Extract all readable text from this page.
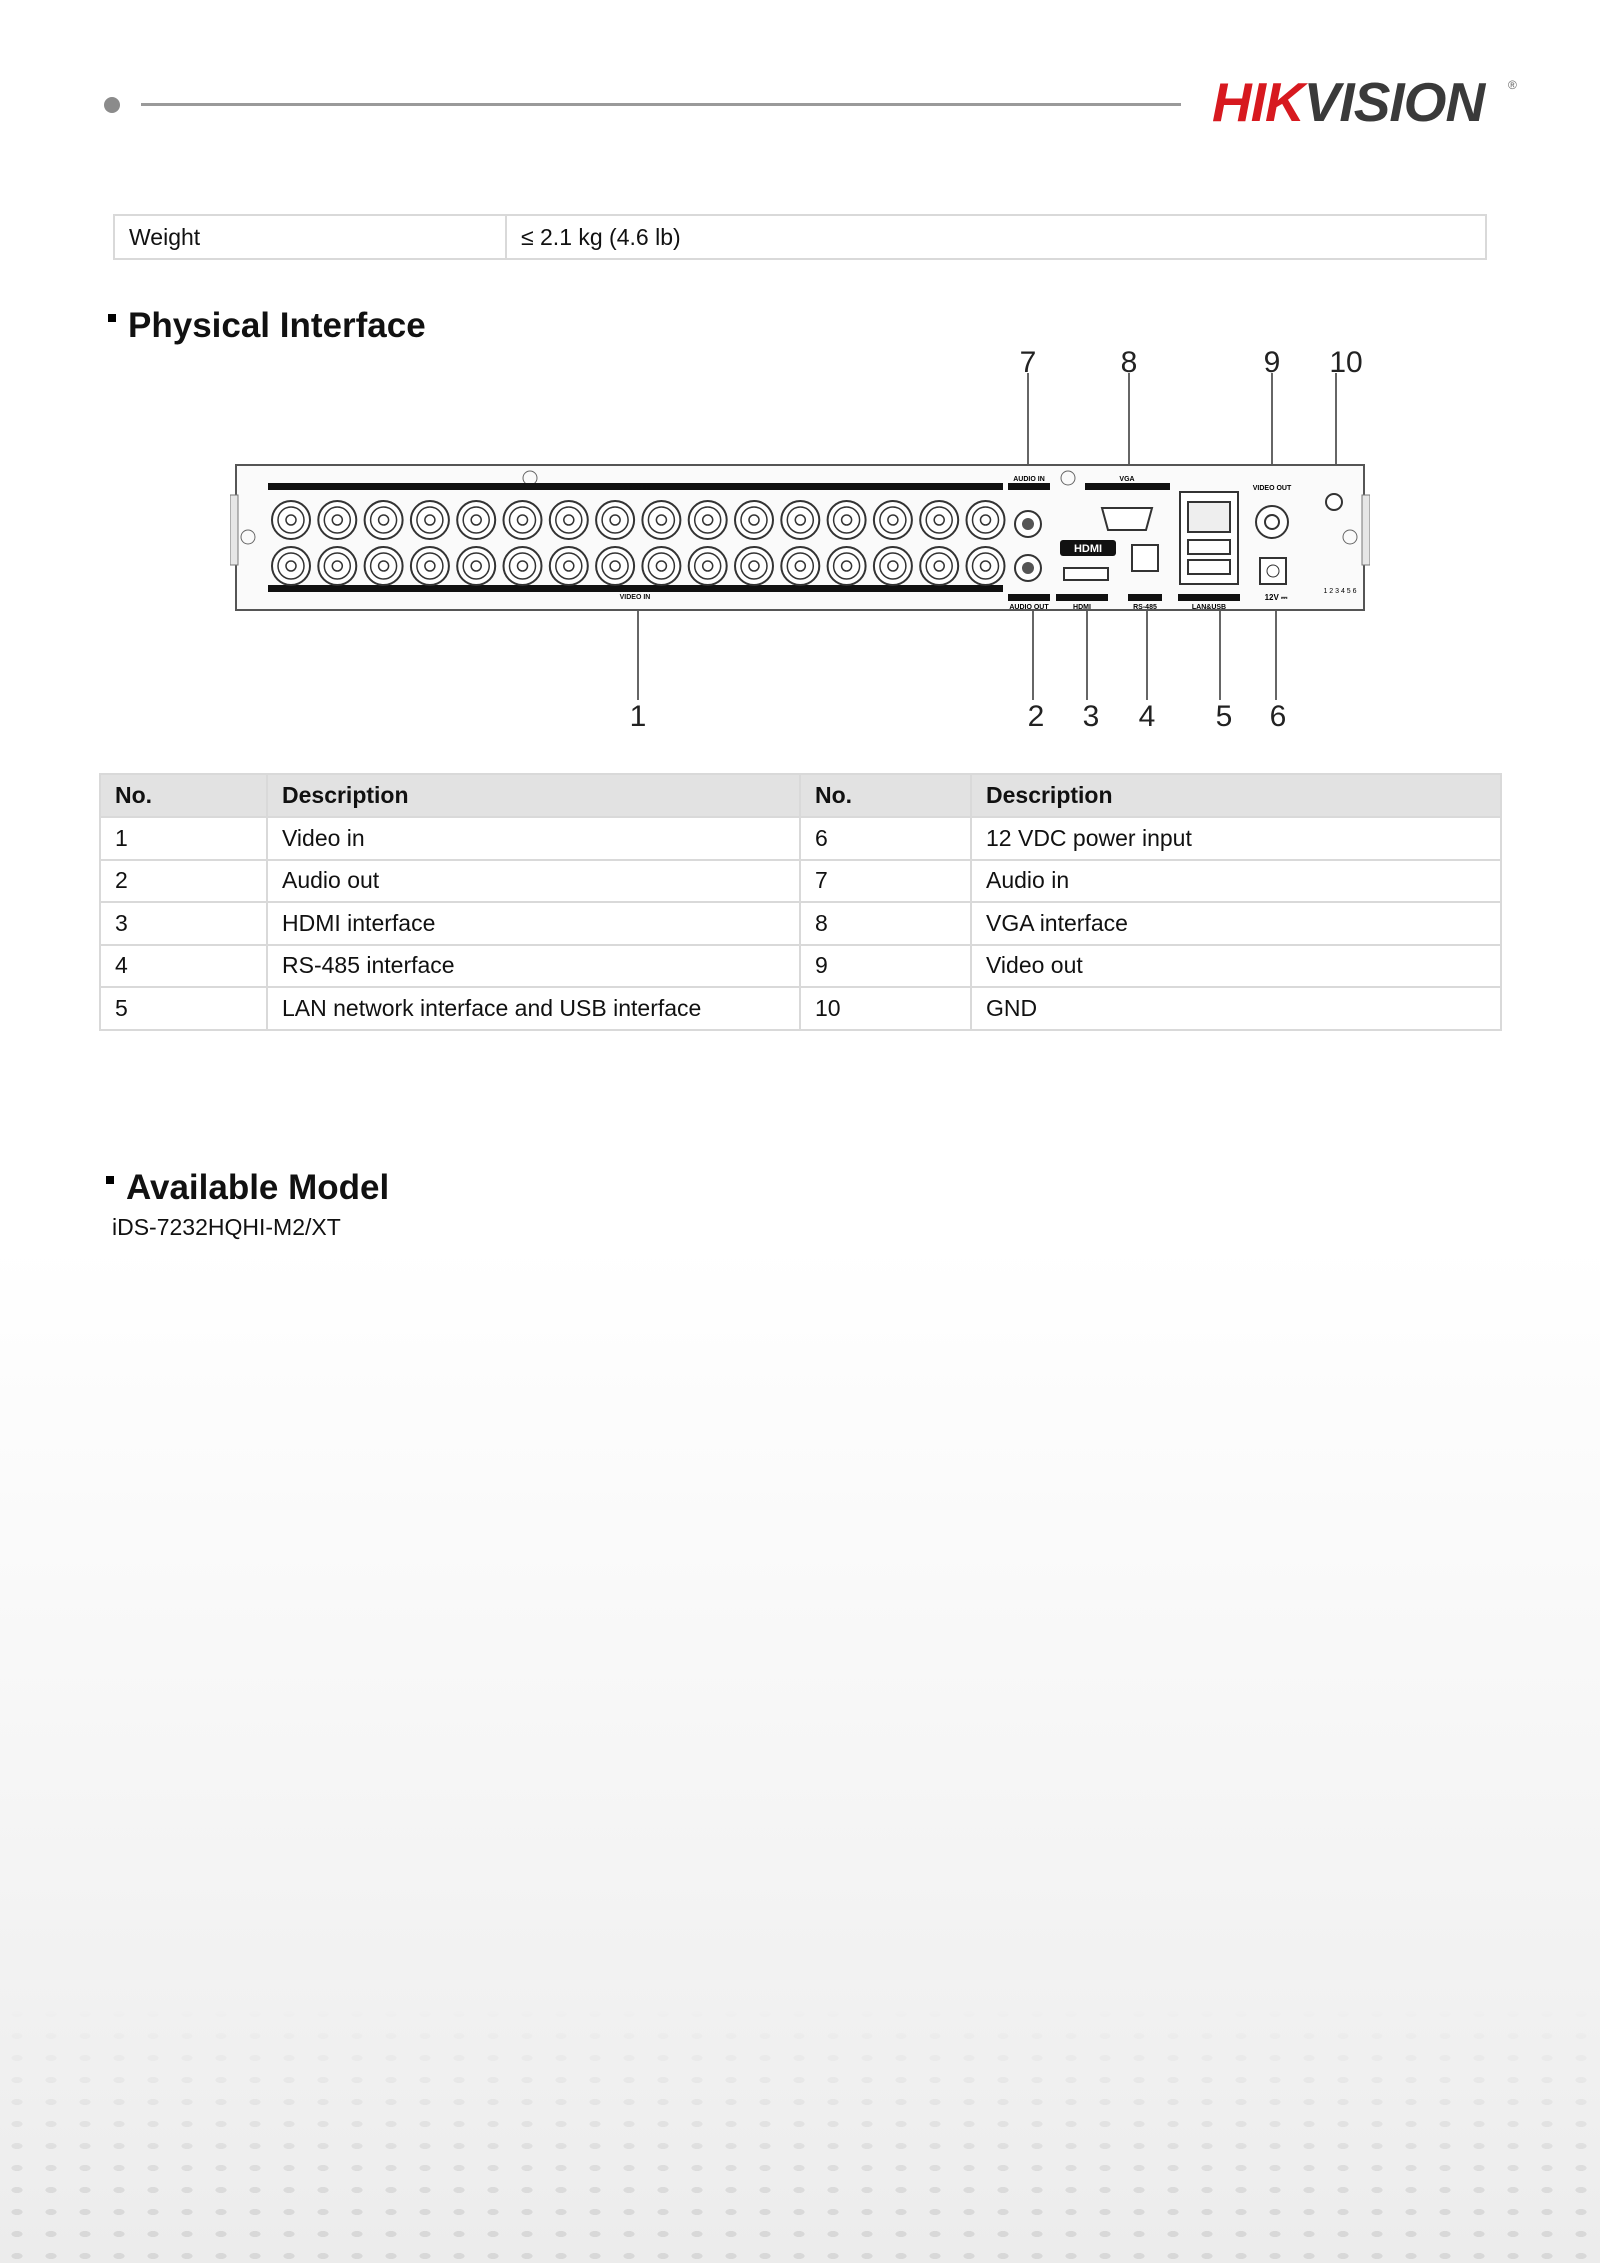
HIKVISION ®
Weight	≤ 2.1 kg (4.6 lb)
Physical Interface
7	8	9 10
1	2 3 4 5 6
VIDEO IN
VIDEO IN
AUDIO IN
AUDIO OUT
VGA
HDMI
HDMI	RS-485	LAN&USB
VIDEO OUT
12V ⎓
1 2 3 4 5 6
No.	Description	No.	Description
1	Video in	6	12 VDC power input
2	Audio out	7	Audio in
3	HDMI interface	8	VGA interface
4	RS-485 interface	9	Video out
5	LAN network interface and USB interface	10	GND
Available Model
iDS-7232HQHI-M2/XT
